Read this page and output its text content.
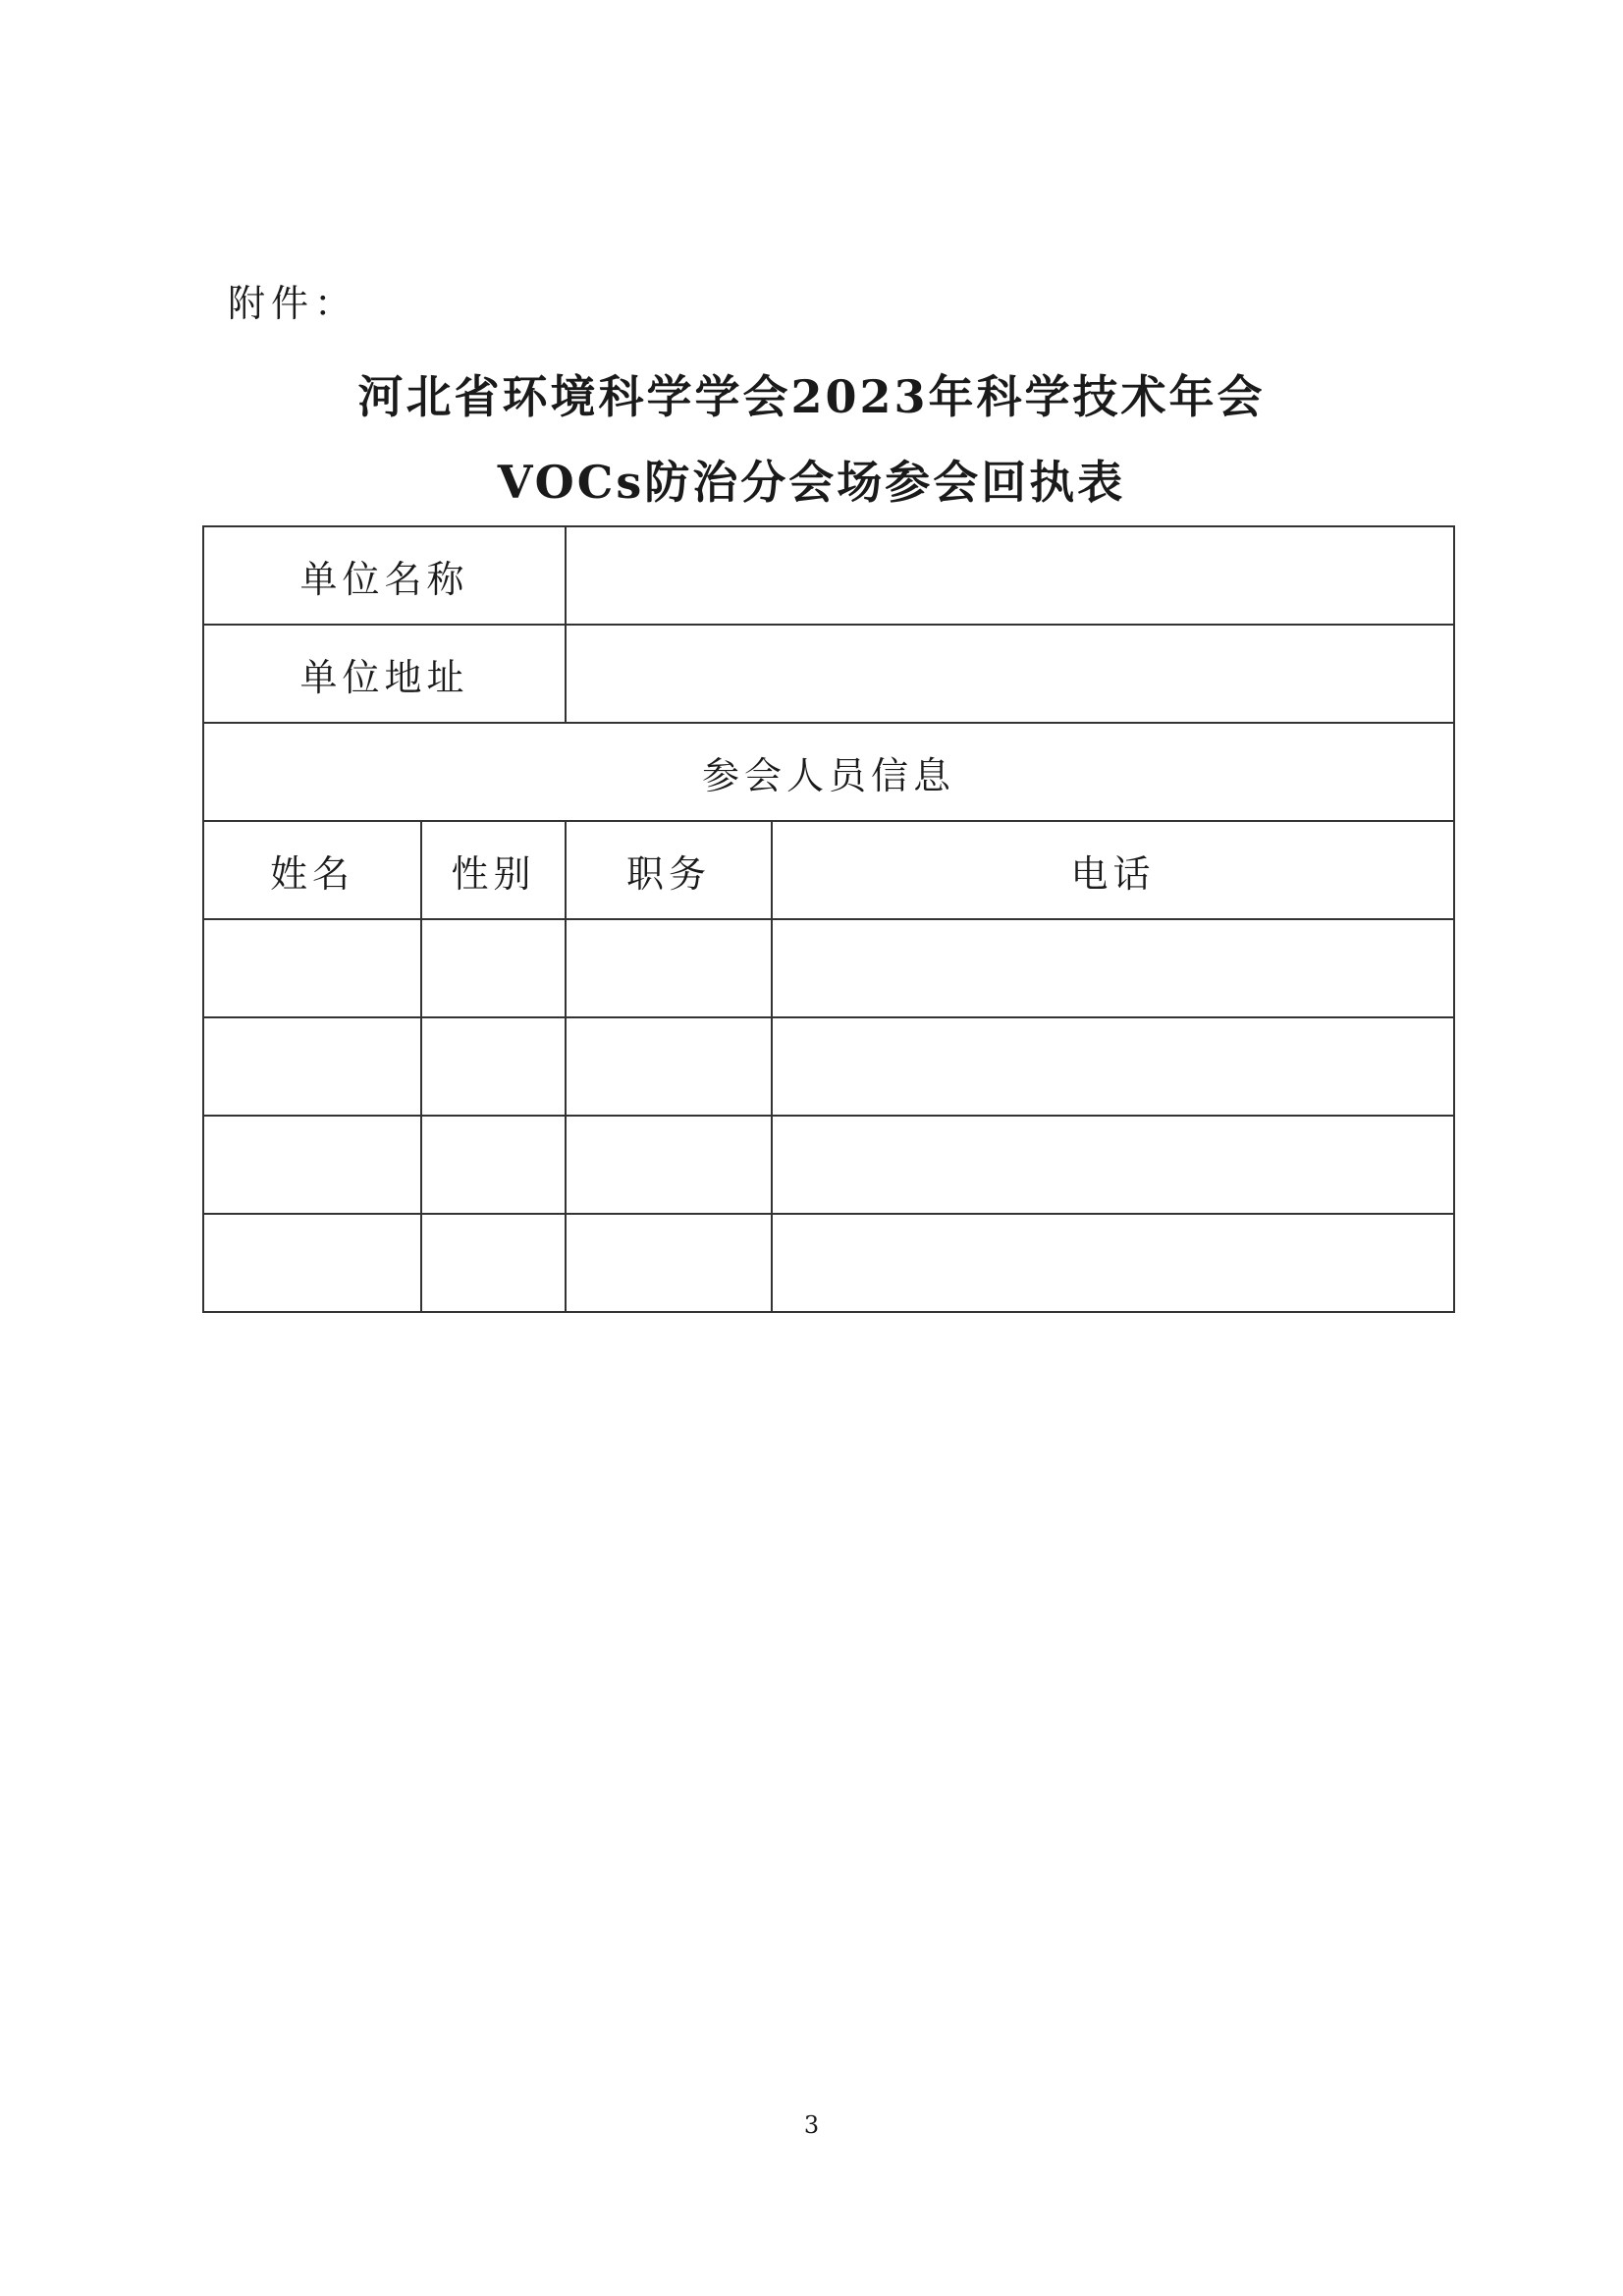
附件：
河北省环境科学学会2023年科学技术年会
VOCs防治分会场参会回执表
单位名称			
单位地址			
参会人员信息			
姓名	性别	职务	电话

3
